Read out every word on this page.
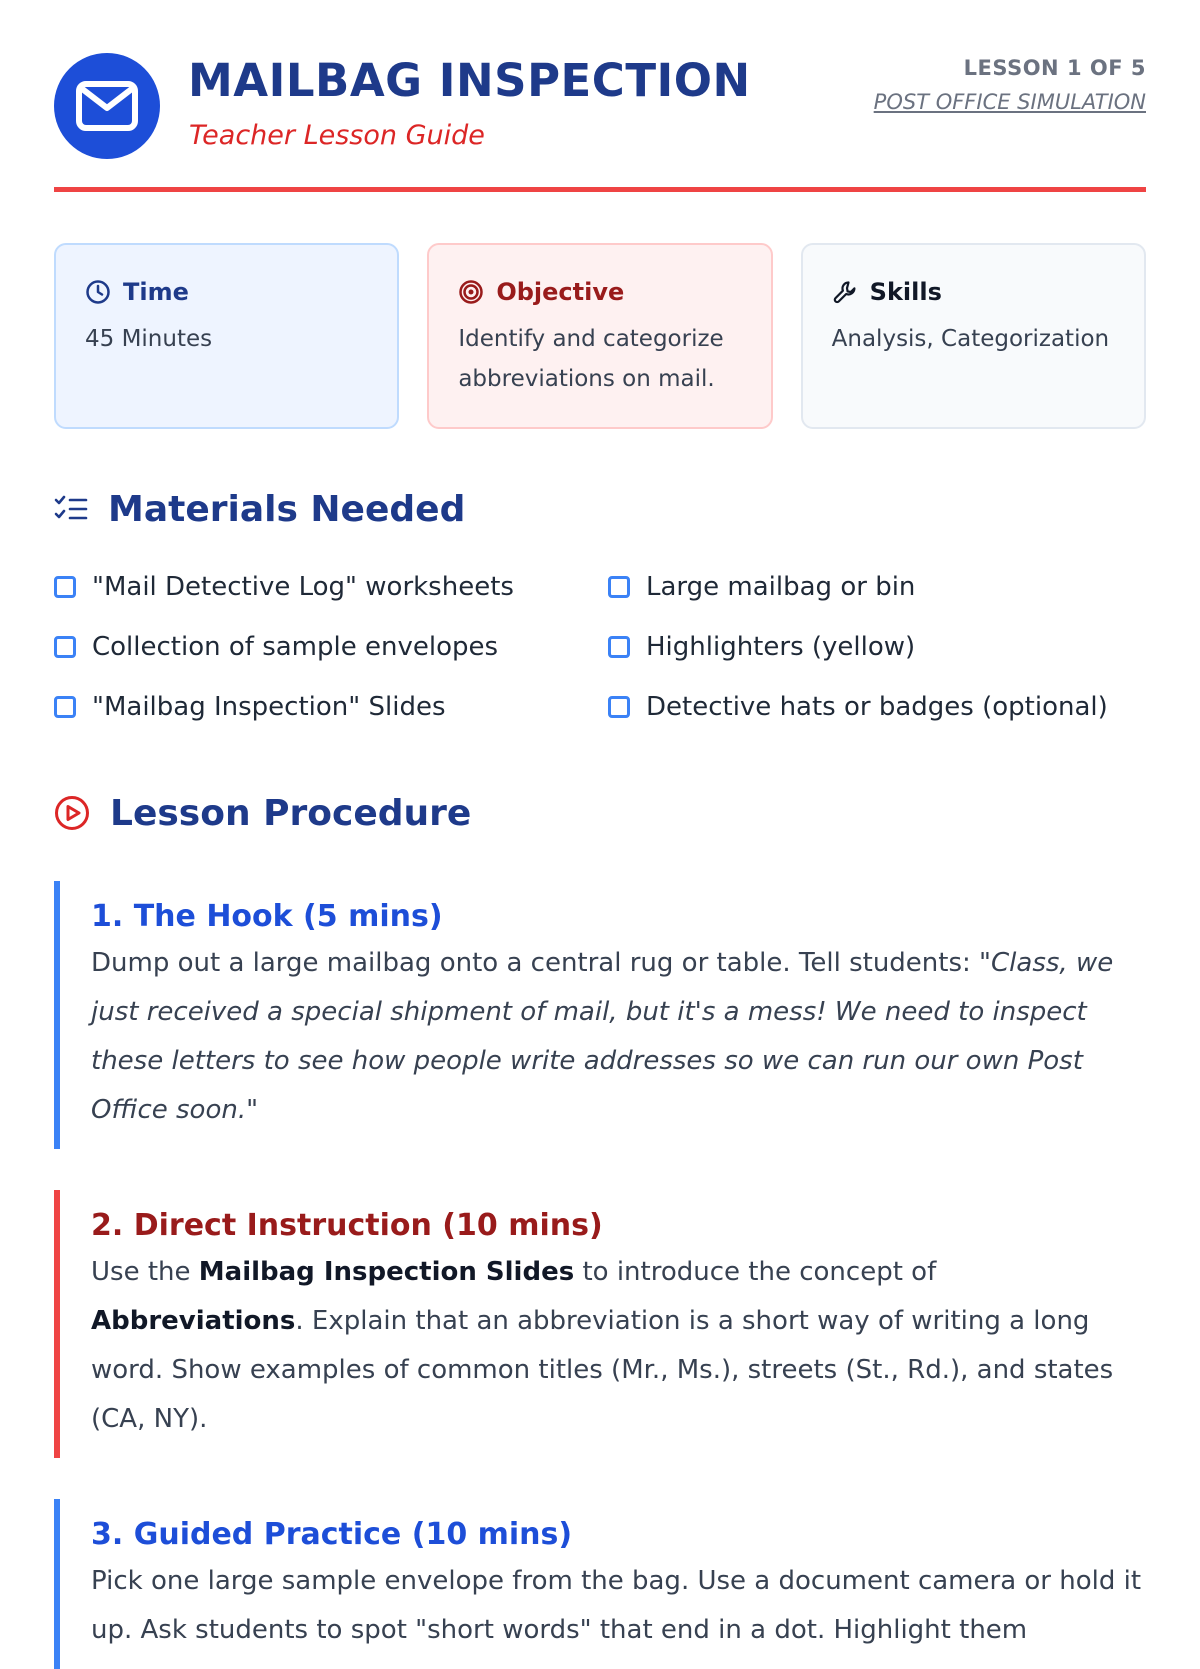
MAILBAG INSPECTION
Teacher Lesson Guide
LESSON 1 OF 5
POST OFFICE SIMULATION
Time
45 Minutes
Objective
Identify and categorize abbreviations on mail.
Skills
Analysis, Categorization
Materials Needed
"Mail Detective Log" worksheets	Large mailbag or bin
Collection of sample envelopes	Highlighters (yellow)
"Mailbag Inspection" Slides	Detective hats or badges (optional)
Lesson Procedure
1. The Hook (5 mins)
Dump out a large mailbag onto a central rug or table. Tell students: "Class, we just received a special shipment of mail, but it's a mess! We need to inspect these letters to see how people write addresses so we can run our own Post Office soon."
2. Direct Instruction (10 mins)
Use the Mailbag Inspection Slides to introduce the concept of Abbreviations. Explain that an abbreviation is a short way of writing a long word. Show examples of common titles (Mr., Ms.), streets (St., Rd.), and states (CA, NY).
3. Guided Practice (10 mins)
Pick one large sample envelope from the bag. Use a document camera or hold it up. Ask students to spot "short words" that end in a dot. Highlight them
